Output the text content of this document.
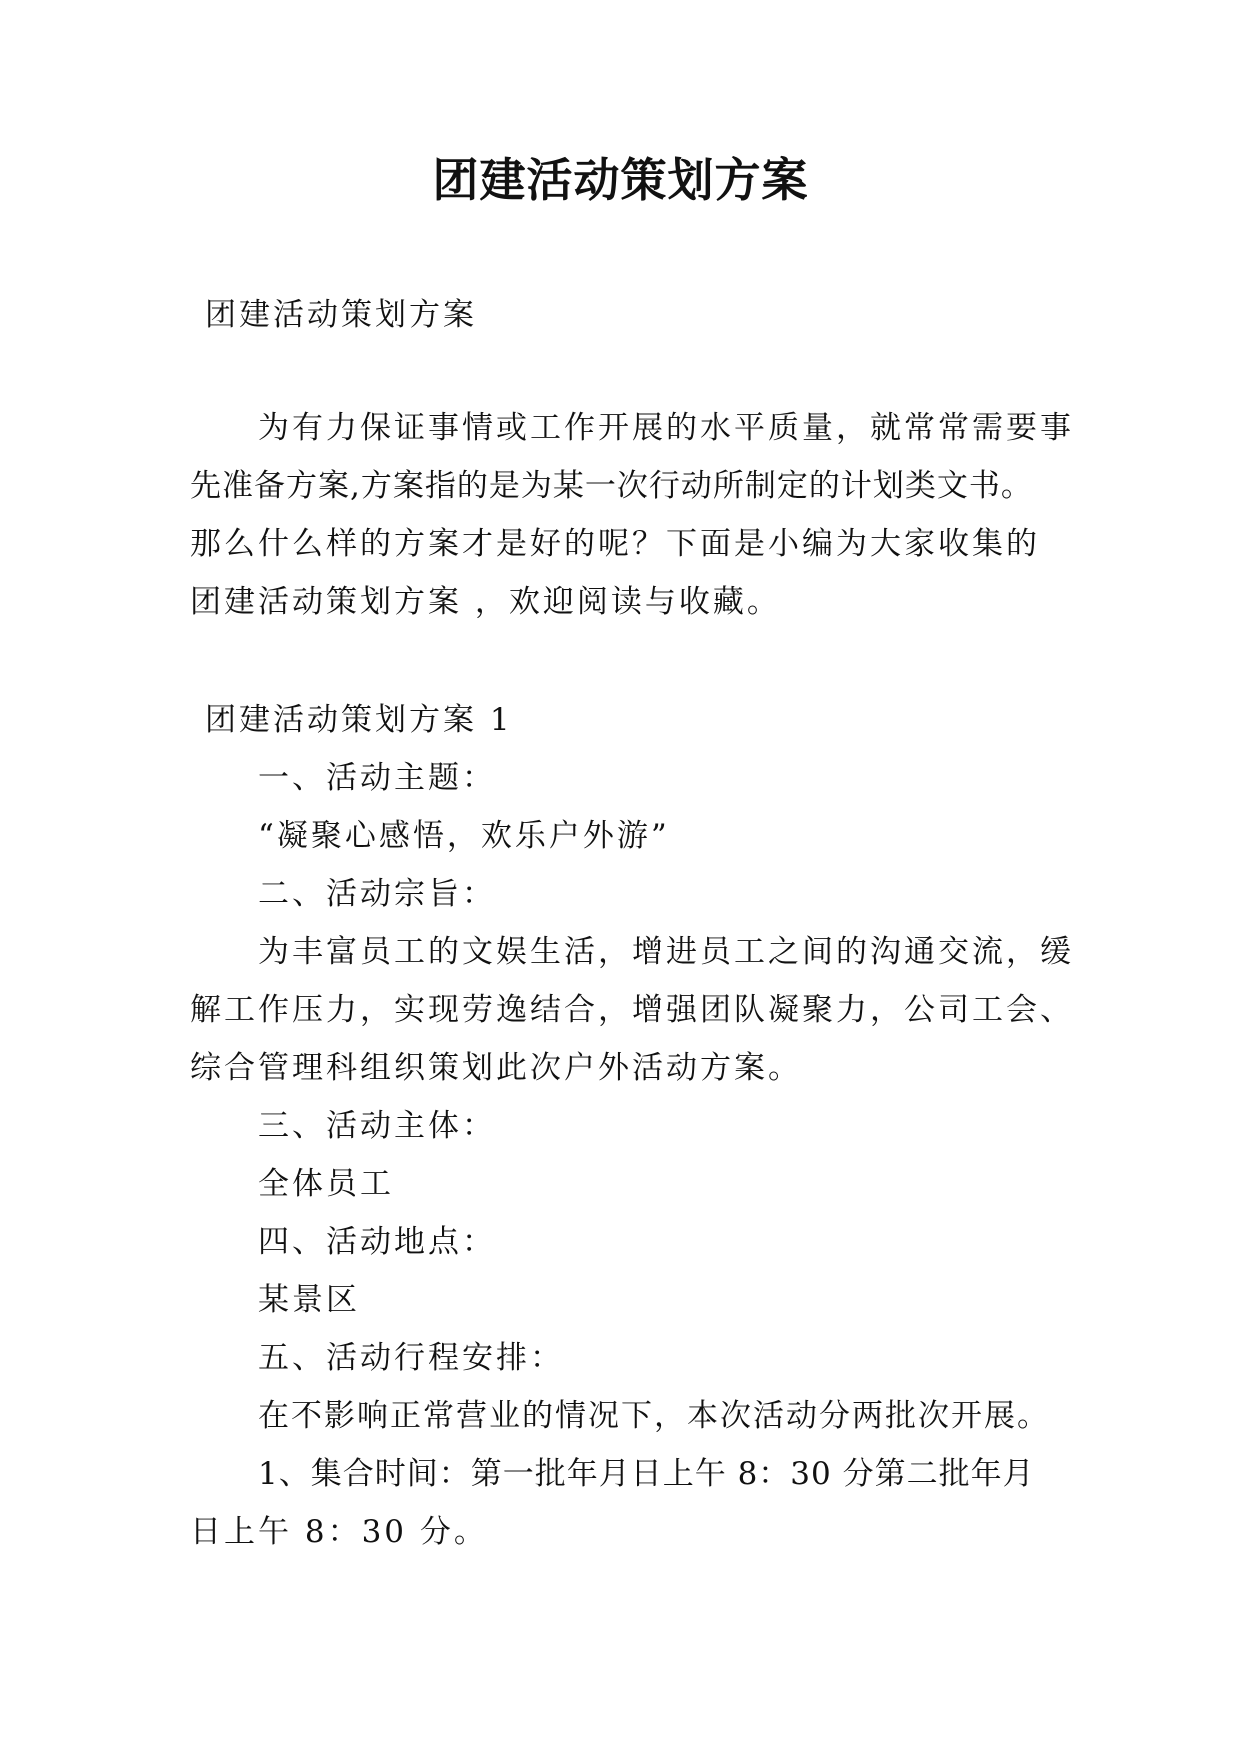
团建活动策划方案
团建活动策划方案
为有力保证事情或工作开展的水平质量，就常常需要事
先准备方案,方案指的是为某一次行动所制定的计划类文书。
那么什么样的方案才是好的呢？下面是小编为大家收集的
团建活动策划方案 ，欢迎阅读与收藏。
团建活动策划方案 1
一、活动主题：
“凝聚心感悟，欢乐户外游”
二、活动宗旨：
为丰富员工的文娱生活，增进员工之间的沟通交流，缓
解工作压力，实现劳逸结合，增强团队凝聚力，公司工会、
综合管理科组织策划此次户外活动方案。
三、活动主体：
全体员工
四、活动地点：
某景区
五、活动行程安排：
在不影响正常营业的情况下，本次活动分两批次开展。
1、集合时间：第一批年月日上午 8：30 分第二批年月
日上午 8：30 分。
